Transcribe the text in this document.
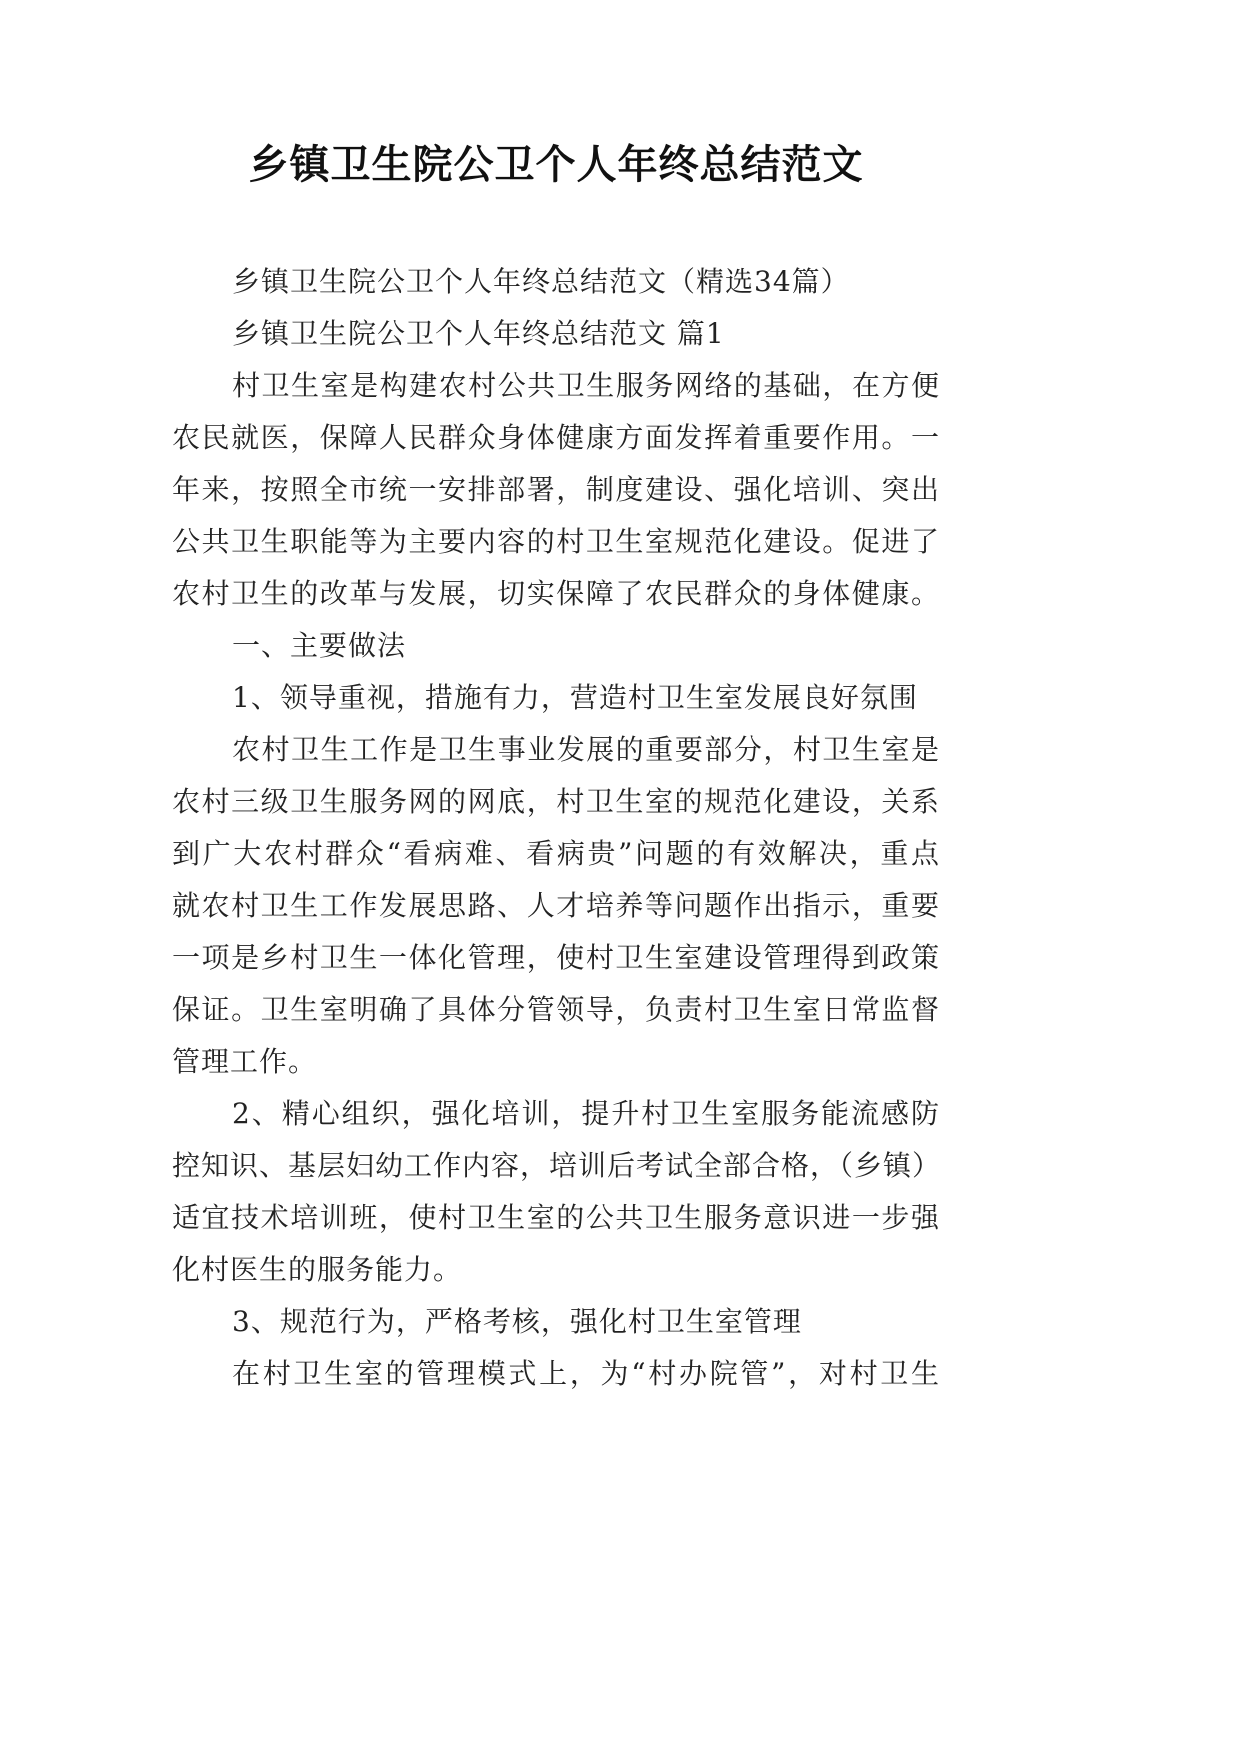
乡镇卫生院公卫个人年终总结范文
乡镇卫生院公卫个人年终总结范文（精选34篇）
乡镇卫生院公卫个人年终总结范文 篇1
村卫生室是构建农村公共卫生服务网络的基础，在方便
农民就医，保障人民群众身体健康方面发挥着重要作用。一
年来，按照全市统一安排部署，制度建设、强化培训、突出
公共卫生职能等为主要内容的村卫生室规范化建设。促进了
农村卫生的改革与发展，切实保障了农民群众的身体健康。
一、主要做法
1、领导重视，措施有力，营造村卫生室发展良好氛围
农村卫生工作是卫生事业发展的重要部分，村卫生室是
农村三级卫生服务网的网底，村卫生室的规范化建设，关系
到广大农村群众“看病难、看病贵”问题的有效解决，重点
就农村卫生工作发展思路、人才培养等问题作出指示，重要
一项是乡村卫生一体化管理，使村卫生室建设管理得到政策
保证。卫生室明确了具体分管领导，负责村卫生室日常监督
管理工作。
2、精心组织，强化培训，提升村卫生室服务能流感防
控知识、基层妇幼工作内容，培训后考试全部合格，（乡镇）
适宜技术培训班，使村卫生室的公共卫生服务意识进一步强
化村医生的服务能力。
3、规范行为，严格考核，强化村卫生室管理
在村卫生室的管理模式上，为“村办院管”，对村卫生
